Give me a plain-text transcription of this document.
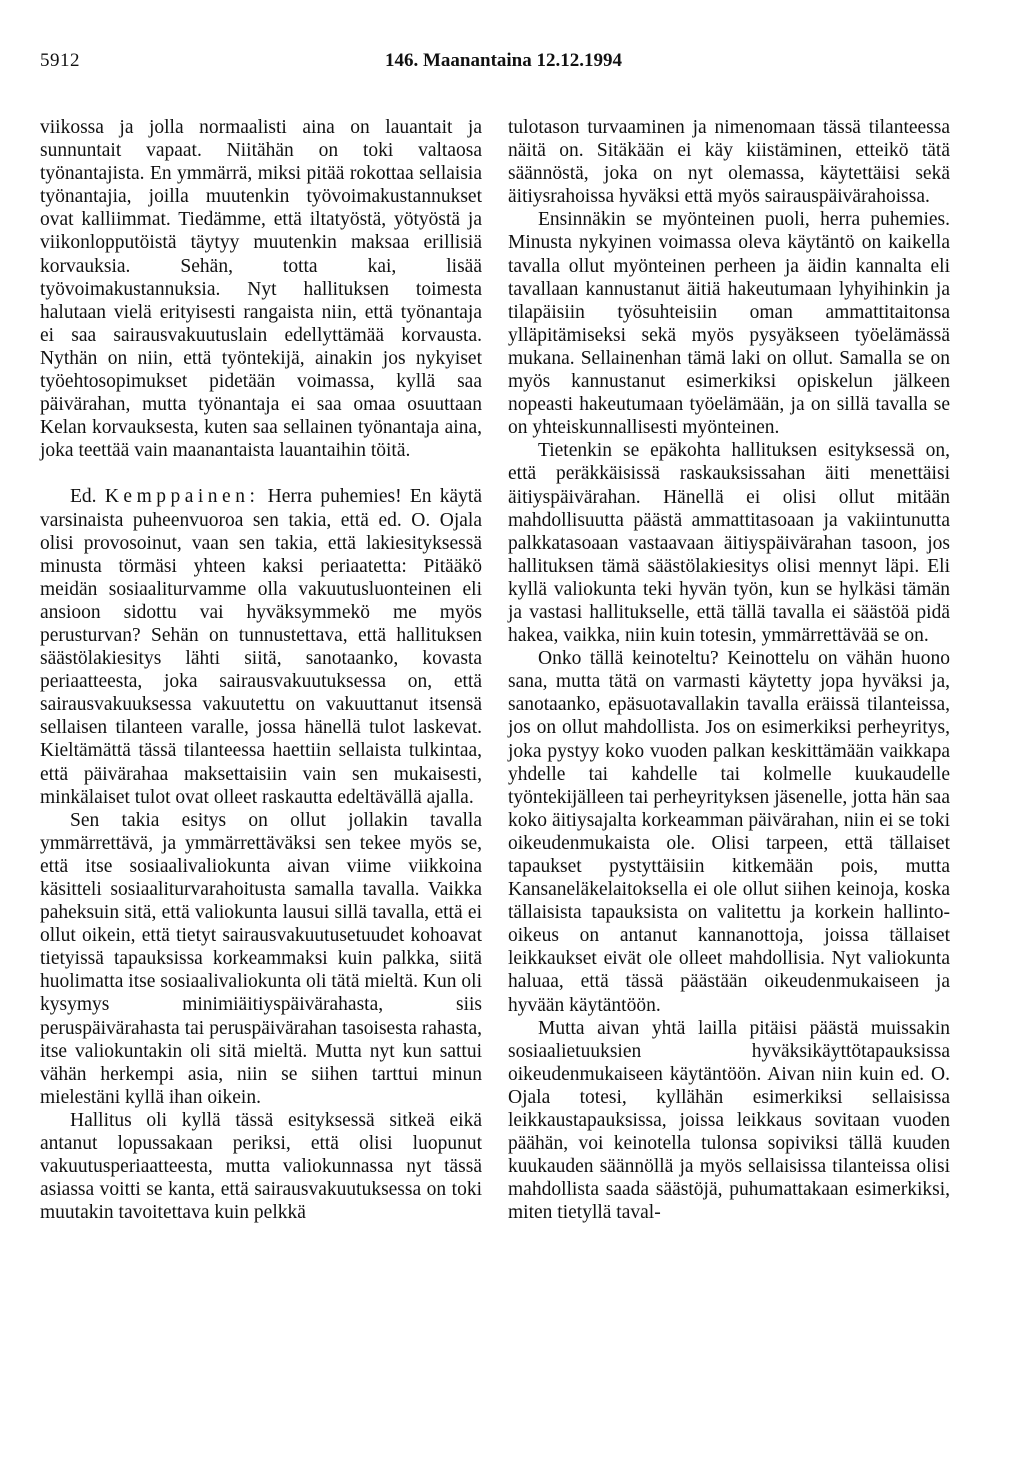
5912	146. Maanantaina 12.12.1994

viikossa ja jolla normaalisti aina on lauantait ja sunnuntait vapaat. Niitähän on toki valtaosa työnantajista. En ymmärrä, miksi pitää rokottaa sellaisia työnantajia, joilla muutenkin työvoimakustannukset ovat kalliimmat. Tiedämme, että iltatyöstä, yötyöstä ja viikonlopputöistä täytyy muutenkin maksaa erillisiä korvauksia. Sehän, totta kai, lisää työvoimakustannuksia. Nyt hallituksen toimesta halutaan vielä erityisesti rangaista niin, että työnantaja ei saa sairausvakuutuslain edellyttämää korvausta. Nythän on niin, että työntekijä, ainakin jos nykyiset työehtosopimukset pidetään voimassa, kyllä saa päivärahan, mutta työnantaja ei saa omaa osuuttaan Kelan korvauksesta, kuten saa sellainen työnantaja aina, joka teettää vain maanantaista lauantaihin töitä.

Ed. Kemppainen: Herra puhemies! En käytä varsinaista puheenvuoroa sen takia, että ed. O. Ojala olisi provosoinut, vaan sen takia, että lakiesityksessä minusta törmäsi yhteen kaksi periaatetta: Pitääkö meidän sosiaaliturvamme olla vakuutusluonteinen eli ansioon sidottu vai hyväksymmekö me myös perusturvan? Sehän on tunnustettava, että hallituksen säästölakiesitys lähti siitä, sanotaanko, kovasta periaatteesta, joka sairausvakuutuksessa on, että sairausvakuuksessa vakuutettu on vakuuttanut itsensä sellaisen tilanteen varalle, jossa hänellä tulot laskevat. Kieltämättä tässä tilanteessa haettiin sellaista tulkintaa, että päivärahaa maksettaisiin vain sen mukaisesti, minkälaiset tulot ovat olleet raskautta edeltävällä ajalla.

Sen takia esitys on ollut jollakin tavalla ymmärrettävä, ja ymmärrettäväksi sen tekee myös se, että itse sosiaalivaliokunta aivan viime viikkoina käsitteli sosiaaliturvarahoitusta samalla tavalla. Vaikka paheksuin sitä, että valiokunta lausui sillä tavalla, että ei ollut oikein, että tietyt sairausvakuutusetuudet kohoavat tietyissä tapauksissa korkeammaksi kuin palkka, siitä huolimatta itse sosiaalivaliokunta oli tätä mieltä. Kun oli kysymys minimiäitiyspäivärahasta, siis peruspäivärahasta tai peruspäivärahan tasoisesta rahasta, itse valiokuntakin oli sitä mieltä. Mutta nyt kun sattui vähän herkempi asia, niin se siihen tarttui minun mielestäni kyllä ihan oikein.

Hallitus oli kyllä tässä esityksessä sitkeä eikä antanut lopussakaan periksi, että olisi luopunut vakuutusperiaatteesta, mutta valiokunnassa nyt tässä asiassa voitti se kanta, että sairausvakuutuksessa on toki muutakin tavoitettava kuin pelkkä

tulotason turvaaminen ja nimenomaan tässä tilanteessa näitä on. Sitäkään ei käy kiistäminen, etteikö tätä säännöstä, joka on nyt olemassa, käytettäisi sekä äitiysrahoissa hyväksi että myös sairauspäivärahoissa.

Ensinnäkin se myönteinen puoli, herra puhemies. Minusta nykyinen voimassa oleva käytäntö on kaikella tavalla ollut myönteinen perheen ja äidin kannalta eli tavallaan kannustanut äitiä hakeutumaan lyhyihinkin ja tilapäisiin työsuhteisiin oman ammattitaitonsa ylläpitämiseksi sekä myös pysyäkseen työelämässä mukana. Sellainenhan tämä laki on ollut. Samalla se on myös kannustanut esimerkiksi opiskelun jälkeen nopeasti hakeutumaan työelämään, ja on sillä tavalla se on yhteiskunnallisesti myönteinen.

Tietenkin se epäkohta hallituksen esityksessä on, että peräkkäisissä raskauksissahan äiti menettäisi äitiyspäivärahan. Hänellä ei olisi ollut mitään mahdollisuutta päästä ammattitasoaan ja vakiintunutta palkkatasoaan vastaavaan äitiyspäivärahan tasoon, jos hallituksen tämä säästölakiesitys olisi mennyt läpi. Eli kyllä valiokunta teki hyvän työn, kun se hylkäsi tämän ja vastasi hallitukselle, että tällä tavalla ei säästöä pidä hakea, vaikka, niin kuin totesin, ymmärrettävää se on.

Onko tällä keinoteltu? Keinottelu on vähän huono sana, mutta tätä on varmasti käytetty jopa hyväksi ja, sanotaanko, epäsuotavallakin tavalla eräissä tilanteissa, jos on ollut mahdollista. Jos on esimerkiksi perheyritys, joka pystyy koko vuoden palkan keskittämään vaikkapa yhdelle tai kahdelle tai kolmelle kuukaudelle työntekijälleen tai perheyrityksen jäsenelle, jotta hän saa koko äitiysajalta korkeamman päivärahan, niin ei se toki oikeudenmukaista ole. Olisi tarpeen, että tällaiset tapaukset pystyttäisiin kitkemään pois, mutta Kansaneläkelaitoksella ei ole ollut siihen keinoja, koska tällaisista tapauksista on valitettu ja korkein hallinto-oikeus on antanut kannanottoja, joissa tällaiset leikkaukset eivät ole olleet mahdollisia. Nyt valiokunta haluaa, että tässä päästään oikeudenmukaiseen ja hyvään käytäntöön.

Mutta aivan yhtä lailla pitäisi päästä muissakin sosiaalietuuksien hyväksikäyttötapauksissa oikeudenmukaiseen käytäntöön. Aivan niin kuin ed. O. Ojala totesi, kyllähän esimerkiksi sellaisissa leikkaustapauksissa, joissa leikkaus sovitaan vuoden päähän, voi keinotella tulonsa sopiviksi tällä kuuden kuukauden säännöllä ja myös sellaisissa tilanteissa olisi mahdollista saada säästöjä, puhumattakaan esimerkiksi, miten tietyllä taval-
